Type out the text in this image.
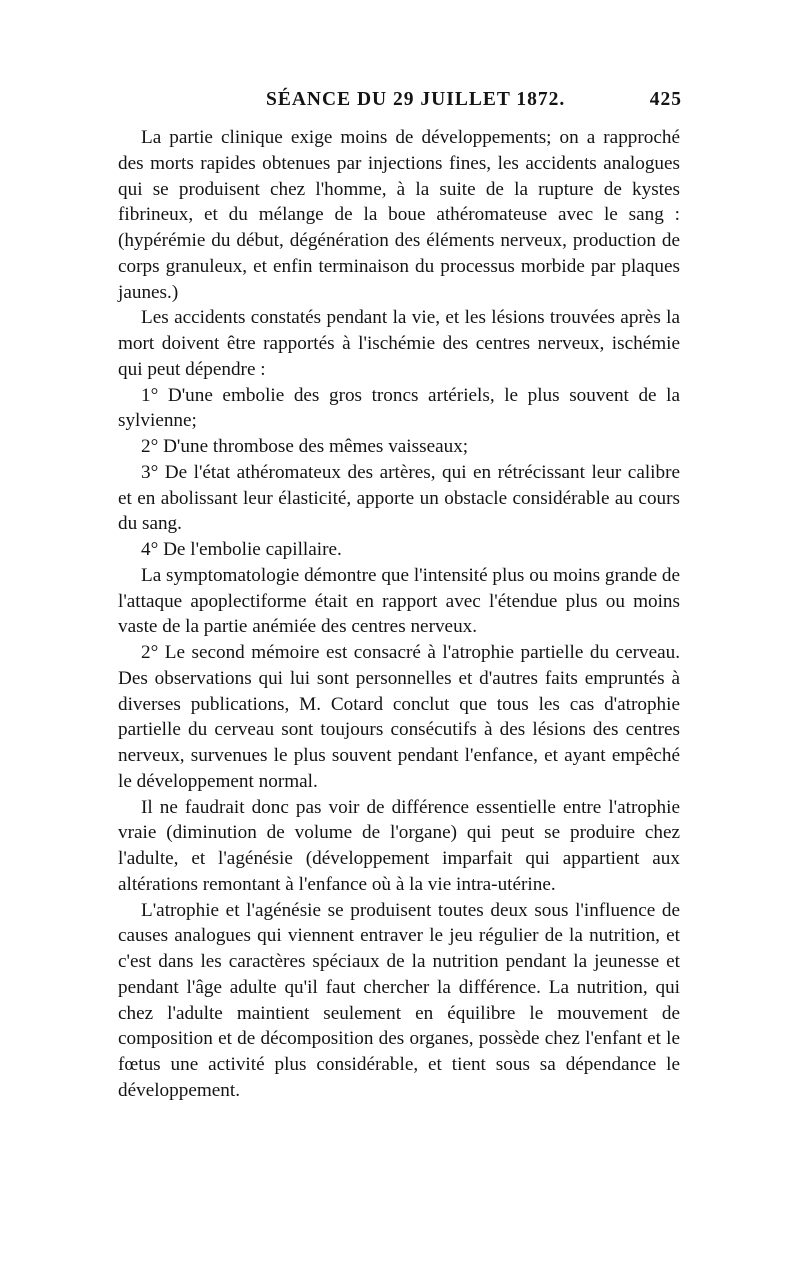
SÉANCE DU 29 JUILLET 1872.	425

La partie clinique exige moins de développements; on a rapproché des morts rapides obtenues par injections fines, les accidents analogues qui se produisent chez l'homme, à la suite de la rupture de kystes fibrineux, et du mélange de la boue athéromateuse avec le sang : (hypérémie du début, dégénération des éléments nerveux, production de corps granuleux, et enfin terminaison du processus morbide par plaques jaunes.)

Les accidents constatés pendant la vie, et les lésions trouvées après la mort doivent être rapportés à l'ischémie des centres nerveux, ischémie qui peut dépendre :

1° D'une embolie des gros troncs artériels, le plus souvent de la sylvienne;

2° D'une thrombose des mêmes vaisseaux;

3° De l'état athéromateux des artères, qui en rétrécissant leur calibre et en abolissant leur élasticité, apporte un obstacle considérable au cours du sang.

4° De l'embolie capillaire.

La symptomatologie démontre que l'intensité plus ou moins grande de l'attaque apoplectiforme était en rapport avec l'étendue plus ou moins vaste de la partie anémiée des centres nerveux.

2° Le second mémoire est consacré à l'atrophie partielle du cerveau. Des observations qui lui sont personnelles et d'autres faits empruntés à diverses publications, M. Cotard conclut que tous les cas d'atrophie partielle du cerveau sont toujours consécutifs à des lésions des centres nerveux, survenues le plus souvent pendant l'enfance, et ayant empêché le développement normal.

Il ne faudrait donc pas voir de différence essentielle entre l'atrophie vraie (diminution de volume de l'organe) qui peut se produire chez l'adulte, et l'agénésie (développement imparfait qui appartient aux altérations remontant à l'enfance où à la vie intra-utérine.

L'atrophie et l'agénésie se produisent toutes deux sous l'influence de causes analogues qui viennent entraver le jeu régulier de la nutrition, et c'est dans les caractères spéciaux de la nutrition pendant la jeunesse et pendant l'âge adulte qu'il faut chercher la différence. La nutrition, qui chez l'adulte maintient seulement en équilibre le mouvement de composition et de décomposition des organes, possède chez l'enfant et le fœtus une activité plus considérable, et tient sous sa dépendance le développement.
